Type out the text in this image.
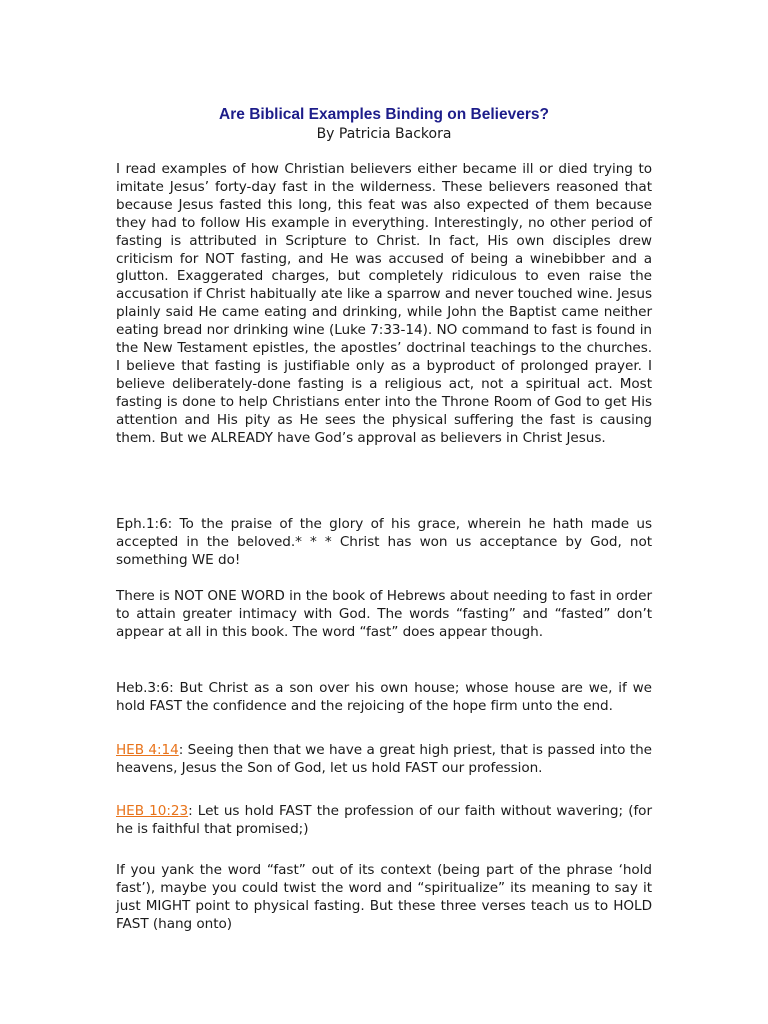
Are Biblical Examples Binding on Believers?
By Patricia Backora

I read examples of how Christian believers either became ill or died trying to imitate Jesus’ forty-day fast in the wilderness. These believers reasoned that because Jesus fasted this long, this feat was also expected of them because they had to follow His example in everything. Interestingly, no other period of fasting is attributed in Scripture to Christ. In fact, His own disciples drew criticism for NOT fasting, and He was accused of being a winebibber and a glutton. Exaggerated charges, but completely ridiculous to even raise the accusation if Christ habitually ate like a sparrow and never touched wine. Jesus plainly said He came eating and drinking, while John the Baptist came neither eating bread nor drinking wine (Luke 7:33-14). NO command to fast is found in the New Testament epistles, the apostles’ doctrinal teachings to the churches. I believe that fasting is justifiable only as a byproduct of prolonged prayer. I believe deliberately-done fasting is a religious act, not a spiritual act. Most fasting is done to help Christians enter into the Throne Room of God to get His attention and His pity as He sees the physical suffering the fast is causing them. But we ALREADY have God’s approval as believers in Christ Jesus.

Eph.1:6: To the praise of the glory of his grace, wherein he hath made us accepted in the beloved.* * * Christ has won us acceptance by God, not something WE do!

There is NOT ONE WORD in the book of Hebrews about needing to fast in order to attain greater intimacy with God. The words “fasting” and “fasted” don’t appear at all in this book. The word “fast” does appear though.

Heb.3:6: But Christ as a son over his own house; whose house are we, if we hold FAST the confidence and the rejoicing of the hope firm unto the end.

HEB 4:14: Seeing then that we have a great high priest, that is passed into the heavens, Jesus the Son of God, let us hold FAST our profession.

HEB 10:23: Let us hold FAST the profession of our faith without wavering; (for he is faithful that promised;)

If you yank the word “fast” out of its context (being part of the phrase ‘hold fast’), maybe you could twist the word and “spiritualize” its meaning to say it just MIGHT point to physical fasting. But these three verses teach us to HOLD FAST (hang onto)
